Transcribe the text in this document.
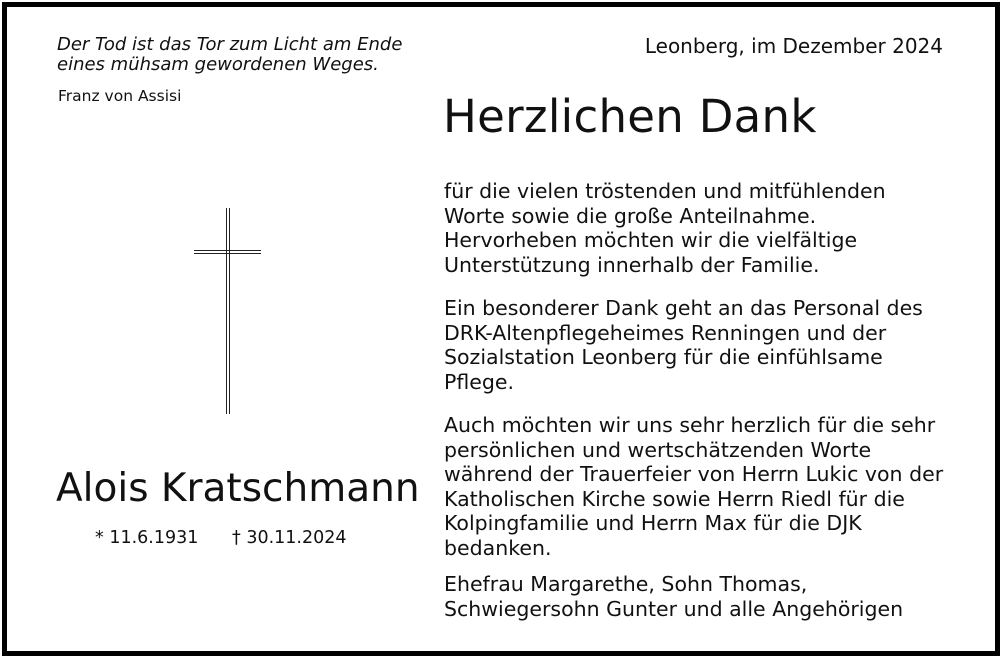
Der Tod ist das Tor zum Licht am Ende
eines mühsam gewordenen Weges.
Franz von Assisi
Leonberg, im Dezember 2024
Herzlichen Dank
für die vielen tröstenden und mitfühlenden
Worte sowie die große Anteilnahme.
Hervorheben möchten wir die vielfältige
Unterstützung innerhalb der Familie.
Ein besonderer Dank geht an das Personal des
DRK-Altenpflegeheimes Renningen und der
Sozialstation Leonberg für die einfühlsame
Pflege.
Auch möchten wir uns sehr herzlich für die sehr
persönlichen und wertschätzenden Worte
während der Trauerfeier von Herrn Lukic von der
Katholischen Kirche sowie Herrn Riedl für die
Kolpingfamilie und Herrn Max für die DJK
bedanken.
Ehefrau Margarethe, Sohn Thomas,
Schwiegersohn Gunter und alle Angehörigen
Alois Kratschmann
* 11.6.1931 † 30.11.2024
